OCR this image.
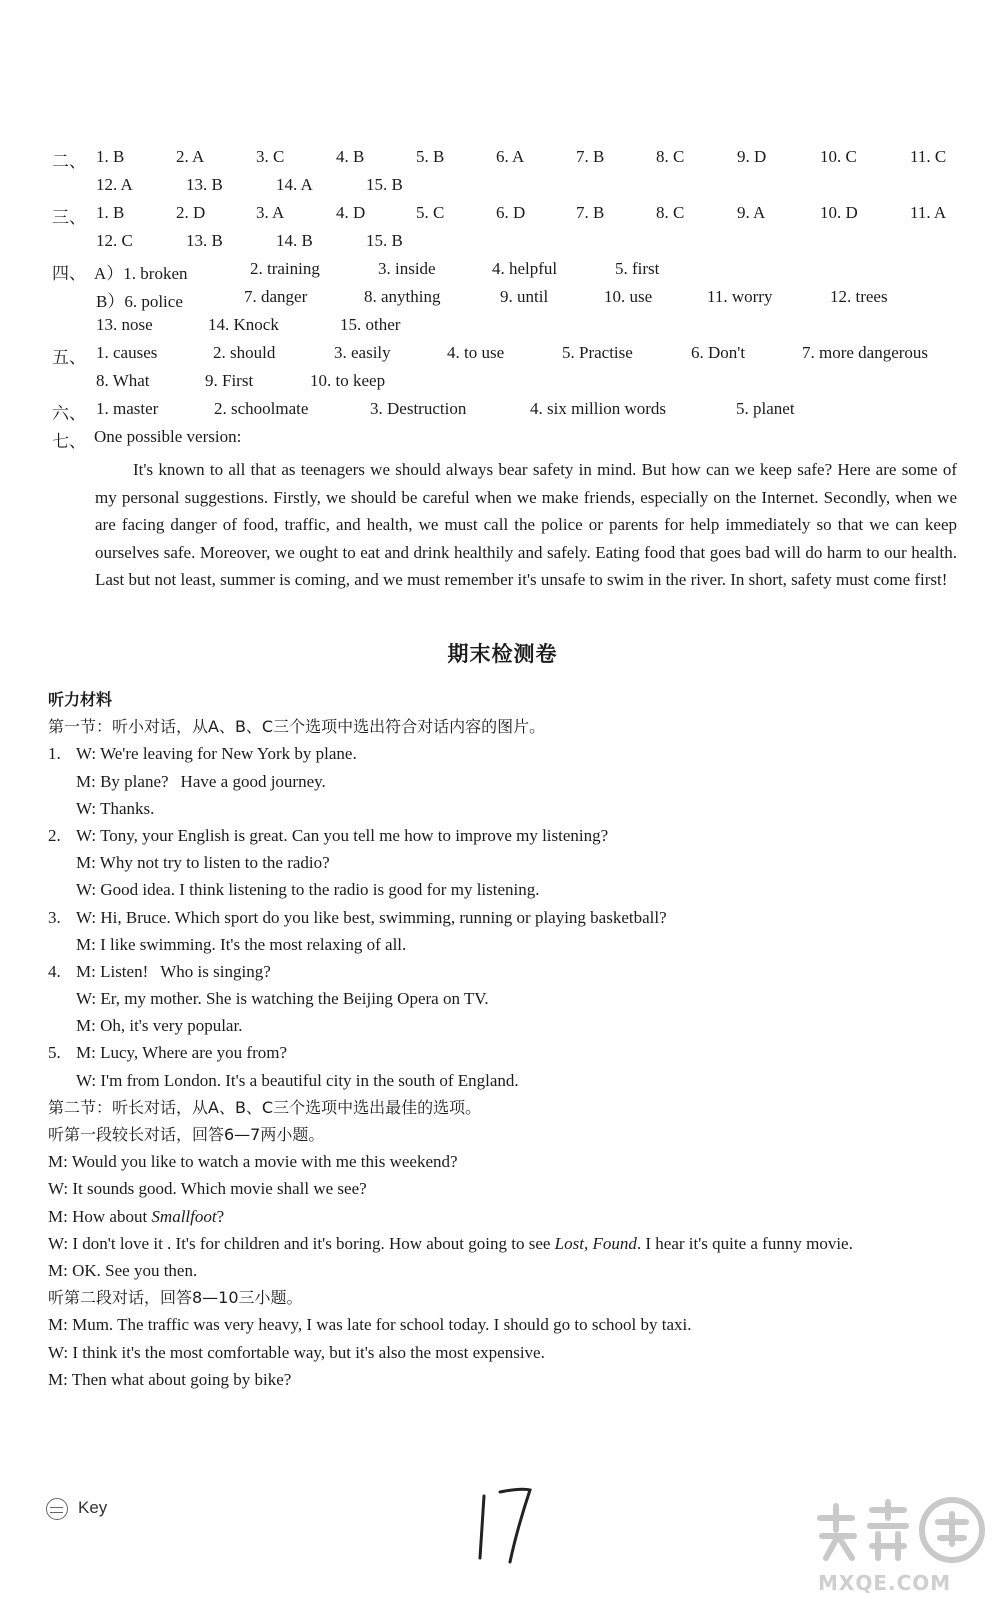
二、 1. B	2. A	3. C	4. B	5. B	6. A	7. B	8. C	9. D	10. C	11. C
12. A	13. B	14. A	15. B
三、 1. B	2. D	3. A	4. D	5. C	6. D	7. B	8. C	9. A	10. D	11. A
12. C	13. B	14. B	15. B
四、 A）1. broken	2. training	3. inside	4. helpful	5. first
B）6. police	7. danger	8. anything	9. until	10. use	11. worry	12. trees
13. nose	14. Knock	15. other
五、 1. causes	2. should	3. easily	4. to use	5. Practise	6. Don't	7. more dangerous
8. What	9. First	10. to keep
六、 1. master	2. schoolmate	3. Destruction	4. six million words	5. planet
七、 One possible version:

It's known to all that as teenagers we should always bear safety in mind. But how can we keep safe? Here are some of my personal suggestions. Firstly, we should be careful when we make friends, especially on the Internet. Secondly, when we are facing danger of food, traffic, and health, we must call the police or parents for help immediately so that we can keep ourselves safe. Moreover, we ought to eat and drink healthily and safely. Eating food that goes bad will do harm to our health. Last but not least, summer is coming, and we must remember it's unsafe to swim in the river. In short, safety must come first!

期末检测卷
听力材料
第一节：听小对话，从A、B、C三个选项中选出符合对话内容的图片。
1. W: We're leaving for New York by plane.
M: By plane? Have a good journey.
W: Thanks.
2. W: Tony, your English is great. Can you tell me how to improve my listening?
M: Why not try to listen to the radio?
W: Good idea. I think listening to the radio is good for my listening.
3. W: Hi, Bruce. Which sport do you like best, swimming, running or playing basketball?
M: I like swimming. It's the most relaxing of all.
4. M: Listen! Who is singing?
W: Er, my mother. She is watching the Beijing Opera on TV.
M: Oh, it's very popular.
5. M: Lucy, Where are you from?
W: I'm from London. It's a beautiful city in the south of England.
第二节：听长对话，从A、B、C三个选项中选出最佳的选项。
听第一段较长对话，回答6—7两小题。
M: Would you like to watch a movie with me this weekend?
W: It sounds good. Which movie shall we see?
M: How about Smallfoot?
W: I don't love it . It's for children and it's boring. How about going to see Lost, Found. I hear it's quite a funny movie.
M: OK. See you then.
听第二段对话，回答8—10三小题。
M: Mum. The traffic was very heavy, I was late for school today. I should go to school by taxi.
W: I think it's the most comfortable way, but it's also the most expensive.
M: Then what about going by bike?
Key
MXQE.COM
